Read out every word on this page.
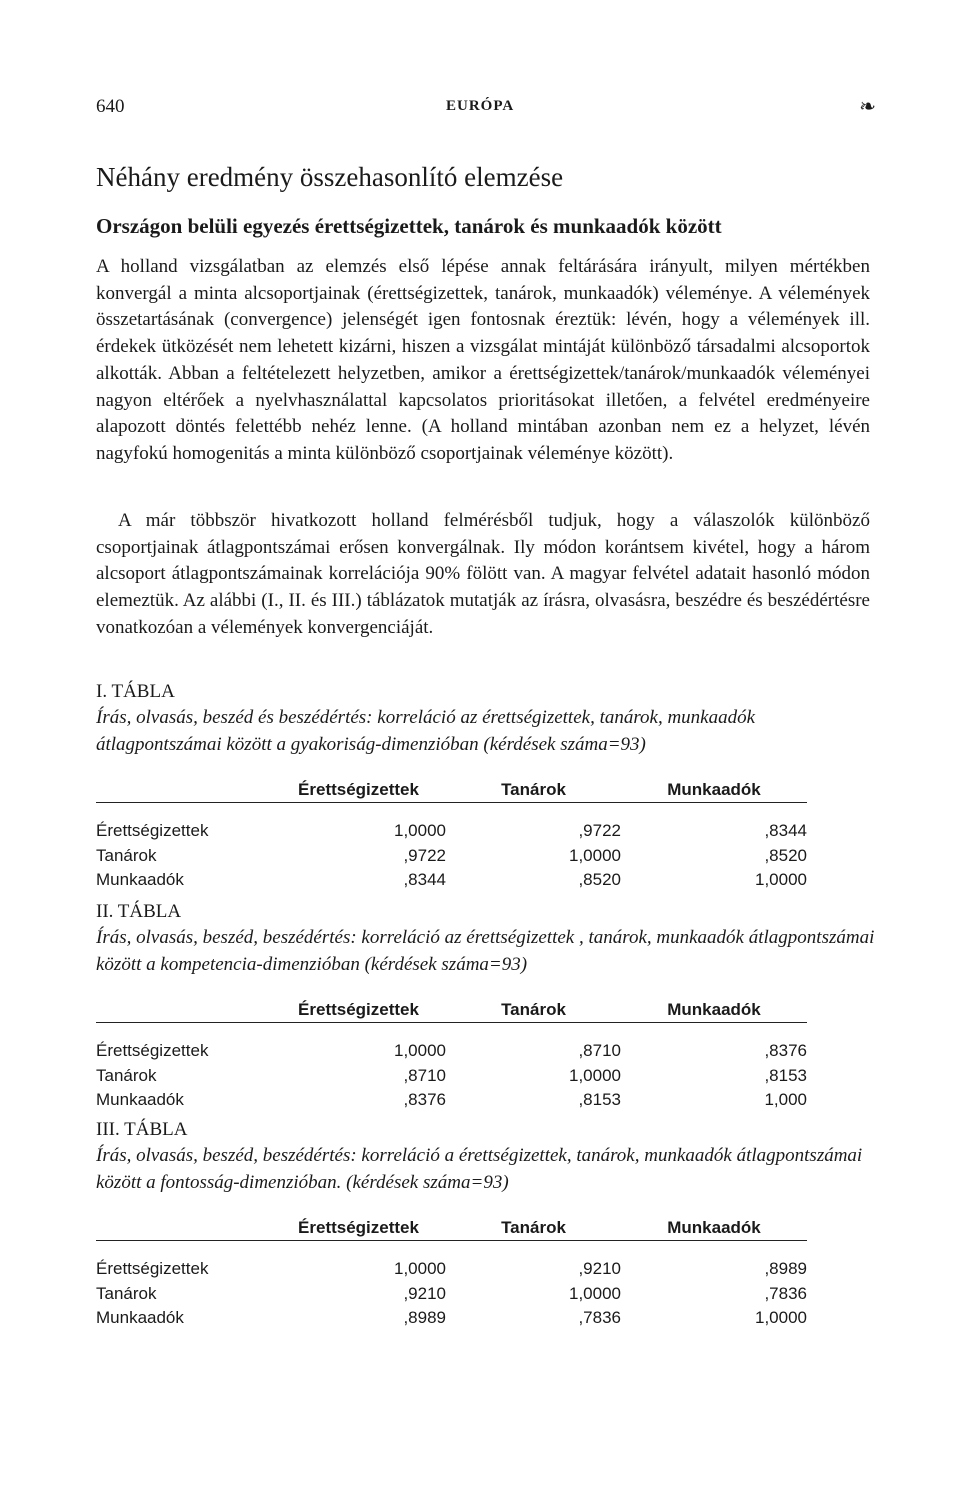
640	EURÓPA	❧
Néhány eredmény összehasonlító elemzése
Országon belüli egyezés érettségizettek, tanárok és munkaadók között

A holland vizsgálatban az elemzés első lépése annak feltárására irányult, milyen mértékben konvergál a minta alcsoportjainak (érettségizettek, tanárok, munkaadók) véleménye. A vélemények összetartásának (convergence) jelenségét igen fontosnak éreztük: lévén, hogy a vélemények ill. érdekek ütközését nem lehetett kizárni, hiszen a vizsgálat mintáját különböző társadalmi alcsoportok alkották. Abban a feltételezett helyzetben, amikor a érettségizettek/tanárok/munkaadók véleményei nagyon eltérőek a nyelvhasználattal kapcsolatos prioritásokat illetően, a felvétel eredményeire alapozott döntés felettébb nehéz lenne. (A holland mintában azonban nem ez a helyzet, lévén nagyfokú homogenitás a minta különböző csoportjainak véleménye között).

A már többször hivatkozott holland felmérésből tudjuk, hogy a válaszolók különböző csoportjainak átlagpontszámai erősen konvergálnak. Ily módon korántsem kivétel, hogy a három alcsoport átlagpontszámainak korrelációja 90% fölött van. A magyar felvétel adatait hasonló módon elemeztük. Az alábbi (I., II. és III.) táblázatok mutatják az írásra, olvasásra, beszédre és beszédértésre vonatkozóan a vélemények konvergenciáját.

I. TÁBLA

Írás, olvasás, beszéd és beszédértés: korreláció az érettségizettek, tanárok, munkaadók átlagpontszámai között a gyakoriság-dimenzióban (kérdések száma=93)

	Érettségizettek	Tanárok	Munkaadók
Érettségizettek	1,0000	,9722	,8344
Tanárok	,9722	1,0000	,8520
Munkaadók	,8344	,8520	1,0000

II. TÁBLA

Írás, olvasás, beszéd, beszédértés: korreláció az érettségizettek , tanárok, munkaadók átlagpontszámai között a kompetencia-dimenzióban (kérdések száma=93)

	Érettségizettek	Tanárok	Munkaadók
Érettségizettek	1,0000	,8710	,8376
Tanárok	,8710	1,0000	,8153
Munkaadók	,8376	,8153	1,000

III. TÁBLA

Írás, olvasás, beszéd, beszédértés: korreláció a érettségizettek, tanárok, munkaadók átlagpontszámai között a fontosság-dimenzióban. (kérdések száma=93)

	Érettségizettek	Tanárok	Munkaadók
Érettségizettek	1,0000	,9210	,8989
Tanárok	,9210	1,0000	,7836
Munkaadók	,8989	,7836	1,0000
